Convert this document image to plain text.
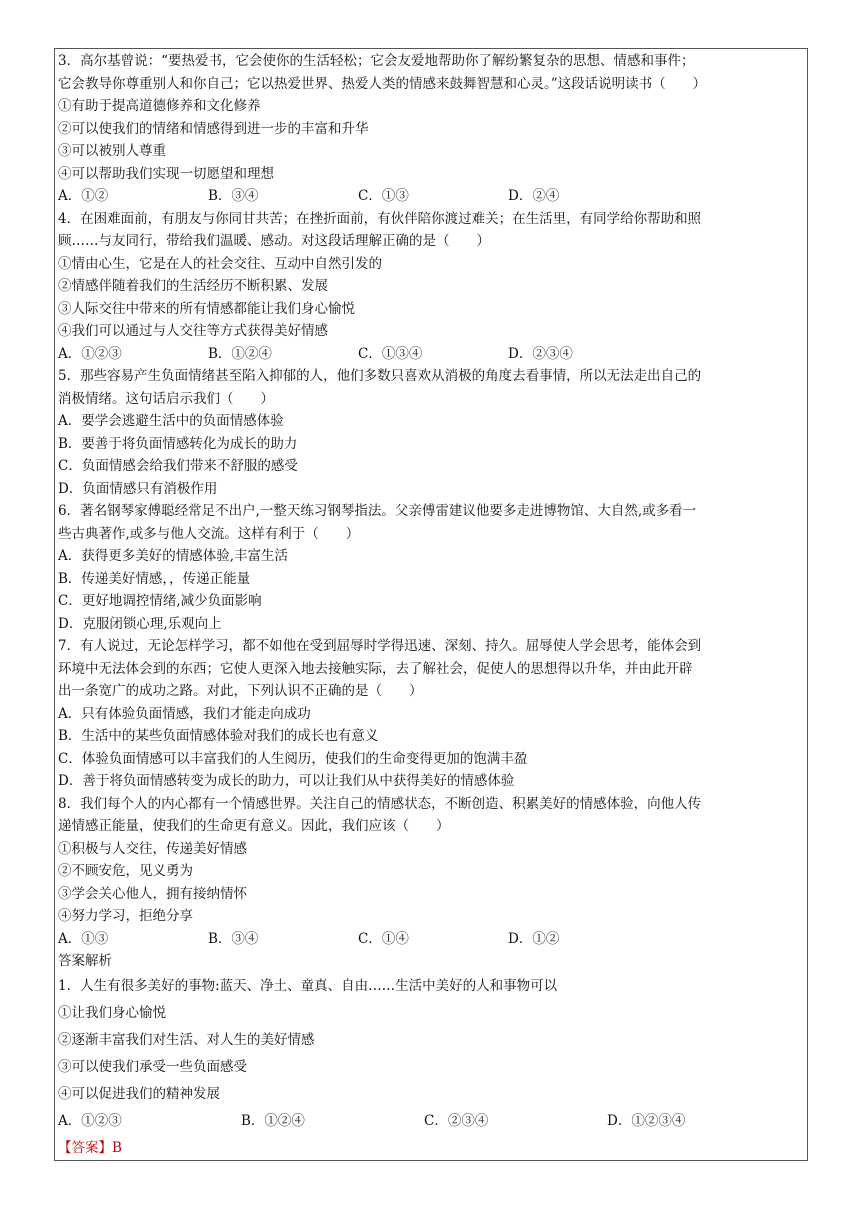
3．高尔基曾说：“要热爱书，它会使你的生活轻松；它会友爱地帮助你了解纷繁复杂的思想、情感和事件；
它会教导你尊重别人和你自己；它以热爱世界、热爱人类的情感来鼓舞智慧和心灵。”这段话说明读书（　　）
①有助于提高道德修养和文化修养
②可以使我们的情绪和情感得到进一步的丰富和升华
③可以被别人尊重
④可以帮助我们实现一切愿望和理想
A．①②	B．③④	C．①③	D．②④
4．在困难面前，有朋友与你同甘共苦；在挫折面前，有伙伴陪你渡过难关；在生活里，有同学给你帮助和照
顾……与友同行，带给我们温暖、感动。对这段话理解正确的是（　　）
①情由心生，它是在人的社会交往、互动中自然引发的
②情感伴随着我们的生活经历不断积累、发展
③人际交往中带来的所有情感都能让我们身心愉悦
④我们可以通过与人交往等方式获得美好情感
A．①②③	B．①②④	C．①③④	D．②③④
5．那些容易产生负面情绪甚至陷入抑郁的人，他们多数只喜欢从消极的角度去看事情，所以无法走出自己的
消极情绪。这句话启示我们（　　）
A．要学会逃避生活中的负面情感体验
B．要善于将负面情感转化为成长的助力
C．负面情感会给我们带来不舒服的感受
D．负面情感只有消极作用
6．著名钢琴家傅聪经常足不出户,一整天练习钢琴指法。父亲傅雷建议他要多走进博物馆、大自然,或多看一
些古典著作,或多与他人交流。这样有利于（　　）
A．获得更多美好的情感体验,丰富生活
B．传递美好情感，，传递正能量
C．更好地调控情绪,减少负面影响
D．克服闭锁心理,乐观向上
7．有人说过，无论怎样学习，都不如他在受到屈辱时学得迅速、深刻、持久。屈辱使人学会思考，能体会到
环境中无法体会到的东西；它使人更深入地去接触实际，去了解社会，促使人的思想得以升华，并由此开辟
出一条宽广的成功之路。对此，下列认识不正确的是（　　）
A．只有体验负面情感，我们才能走向成功
B．生活中的某些负面情感体验对我们的成长也有意义
C．体验负面情感可以丰富我们的人生阅历，使我们的生命变得更加的饱满丰盈
D．善于将负面情感转变为成长的助力，可以让我们从中获得美好的情感体验
8．我们每个人的内心都有一个情感世界。关注自己的情感状态，不断创造、积累美好的情感体验，向他人传
递情感正能量，使我们的生命更有意义。因此，我们应该（　　）
①积极与人交往，传递美好情感
②不顾安危，见义勇为
③学会关心他人，拥有接纳情怀
④努力学习，拒绝分享
A．①③	B．③④	C．①④	D．①②
答案解析
1．人生有很多美好的事物:蓝天、净土、童真、自由……生活中美好的人和事物可以
①让我们身心愉悦
②逐渐丰富我们对生活、对人生的美好情感
③可以使我们承受一些负面感受
④可以促进我们的精神发展
A．①②③	B．①②④	C．②③④	D．①②③④
【答案】B
